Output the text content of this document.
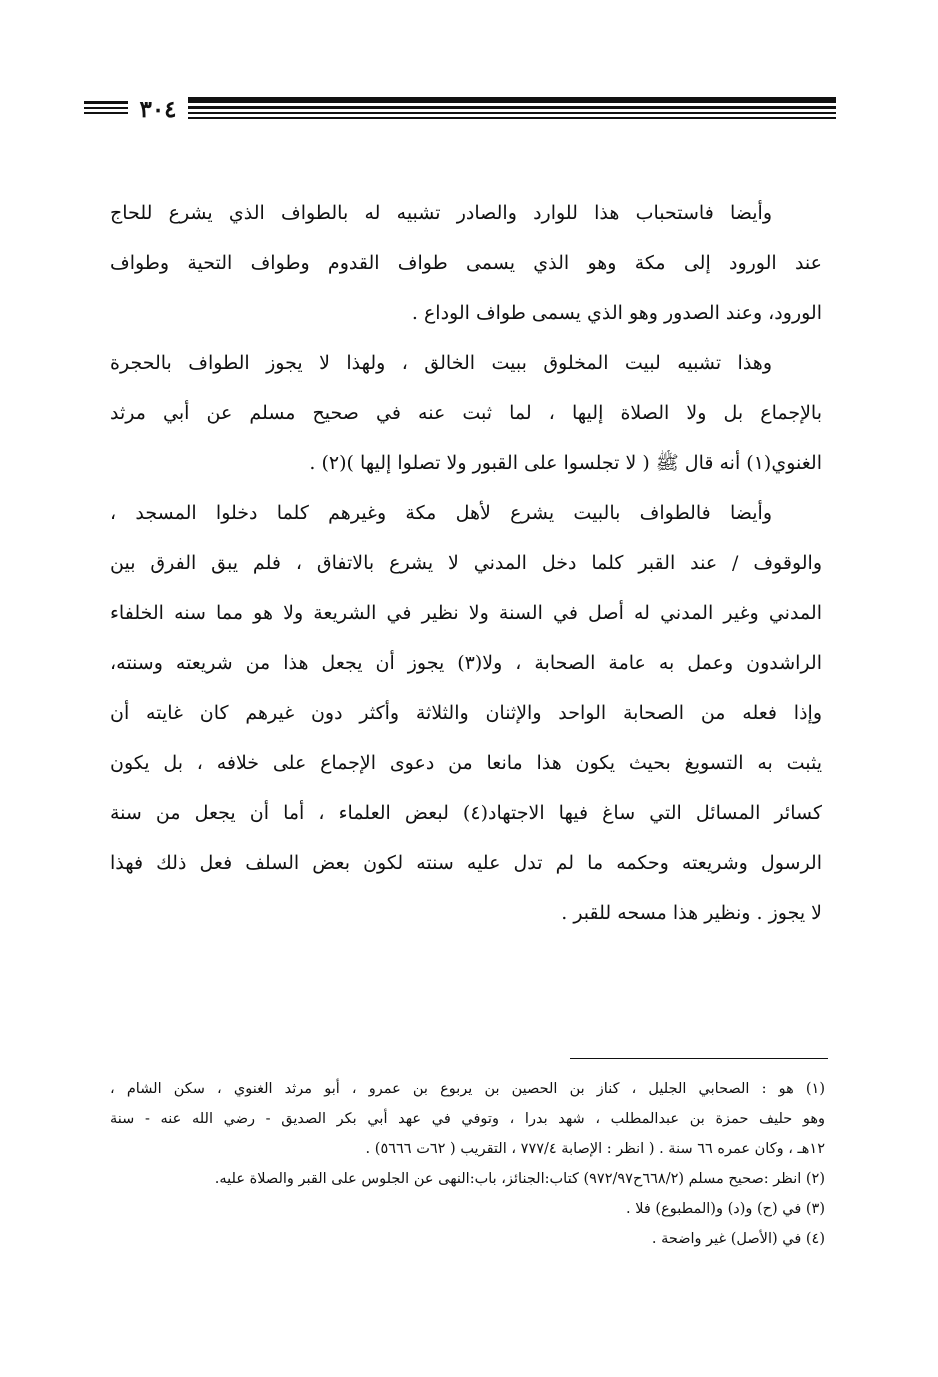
٣٠٤
وأيضا فاستحباب هذا للوارد والصادر تشبيه له بالطواف الذي يشرع للحاج
عند الورود إلى مكة وهو الذي يسمى طواف القدوم وطواف التحية وطواف
الورود، وعند الصدور وهو الذي يسمى طواف الوداع .
وهذا تشبيه لبيت المخلوق ببيت الخالق ، ولهذا لا يجوز الطواف بالحجرة
بالإجماع بل ولا الصلاة إليها ، لما ثبت عنه في صحيح مسلم عن أبي مرثد
الغنوي(١) أنه قال ﷺ ( لا تجلسوا على القبور ولا تصلوا إليها )(٢) .
وأيضا فالطواف بالبيت يشرع لأهل مكة وغيرهم كلما دخلوا المسجد ،
والوقوف / عند القبر كلما دخل المدني لا يشرع بالاتفاق ، فلم يبق الفرق بين
المدني وغير المدني له أصل في السنة ولا نظير في الشريعة ولا هو مما سنه الخلفاء
الراشدون وعمل به عامة الصحابة ، ولا(٣) يجوز أن يجعل هذا من شريعته وسنته،
وإذا فعله من الصحابة الواحد والإثنان والثلاثة وأكثر دون غيرهم كان غايته أن
يثبت به التسويغ بحيث يكون هذا مانعا من دعوى الإجماع على خلافه ، بل يكون
كسائر المسائل التي ساغ فيها الاجتهاد(٤) لبعض العلماء ، أما أن يجعل من سنة
الرسول وشريعته وحكمه ما لم تدل عليه سنته لكون بعض السلف فعل ذلك فهذا
لا يجوز . ونظير هذا مسحه للقبر .
(١) هو : الصحابي الجليل ، كناز بن الحصين بن يربوع بن عمرو ، أبو مرثد الغنوي ، سكن الشام ،
وهو حليف حمزة بن عبدالمطلب ، شهد بدرا ، وتوفي في عهد أبي بكر الصديق - رضي الله عنه - سنة
١٢هـ ، وكان عمره ٦٦ سنة . ( انظر : الإصابة ٧٧٧/٤ ، التقريب ( ٦٢ت ٥٦٦٦) .
(٢) انظر :صحيح مسلم (٦٦٨/٢ح٩٧٢/٩٧) كتاب:الجنائز، باب:النهى عن الجلوس على القبر والصلاة عليه.
(٣) في (ح) و(د) و(المطبوع) فلا .
(٤) في (الأصل) غير واضحة .
